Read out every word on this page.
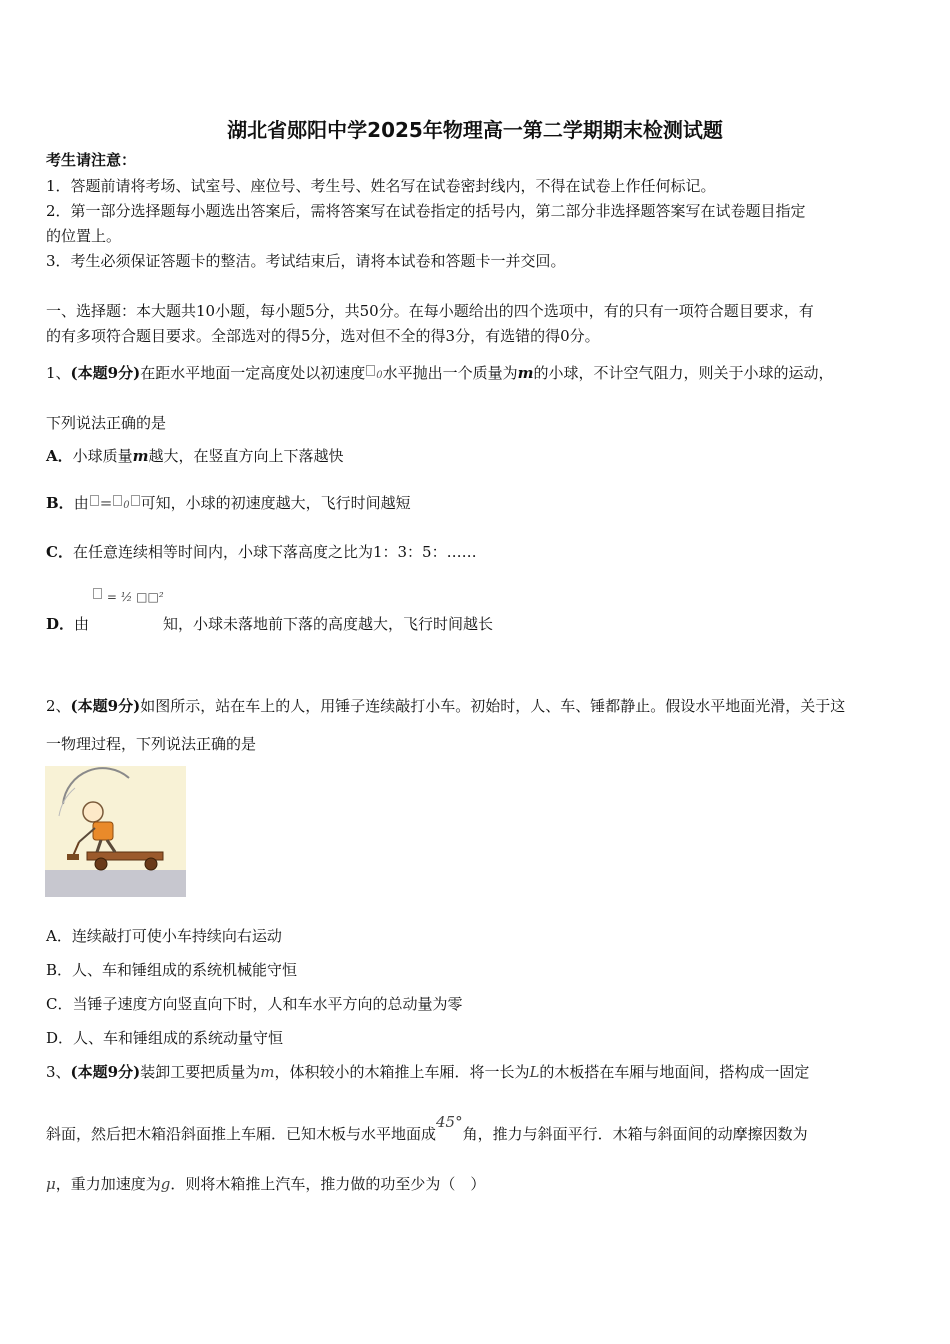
湖北省郧阳中学2025年物理高一第二学期期末检测试题
考生请注意：
1．答题前请将考场、试室号、座位号、考生号、姓名写在试卷密封线内，不得在试卷上作任何标记。
2．第一部分选择题每小题选出答案后，需将答案写在试卷指定的括号内，第二部分非选择题答案写在试卷题目指定
的位置上。
3．考生必须保证答题卡的整洁。考试结束后，请将本试卷和答题卡一并交回。
一、选择题：本大题共10小题，每小题5分，共50分。在每小题给出的四个选项中，有的只有一项符合题目要求，有
的有多项符合题目要求。全部选对的得5分，选对但不全的得3分，有选错的得0分。
1、(本题9分)在距水平地面一定高度处以初速度 0水平抛出一个质量为m的小球，不计空气阻力，则关于小球的运动，
下列说法正确的是
A．小球质量m越大，在竖直方向上下落越快
B．由 = 0 可知，小球的初速度越大，飞行时间越短
C．在任意连续相等时间内，小球下落高度之比为1：3：5：……
= ½ □□²
D．由	知，小球未落地前下落的高度越大，飞行时间越长
2、(本题9分)如图所示，站在车上的人，用锤子连续敲打小车。初始时，人、车、锤都静止。假设水平地面光滑，关于这
一物理过程，下列说法正确的是
A．连续敲打可使小车持续向右运动
B．人、车和锤组成的系统机械能守恒
C．当锤子速度方向竖直向下时，人和车水平方向的总动量为零
D．人、车和锤组成的系统动量守恒
3、(本题9分)装卸工要把质量为m，体积较小的木箱推上车厢．将一长为L的木板搭在车厢与地面间，搭构成一固定
斜面，然后把木箱沿斜面推上车厢．已知木板与水平地面成45°角，推力与斜面平行．木箱与斜面间的动摩擦因数为
μ，重力加速度为g．则将木箱推上汽车，推力做的功至少为（　）
